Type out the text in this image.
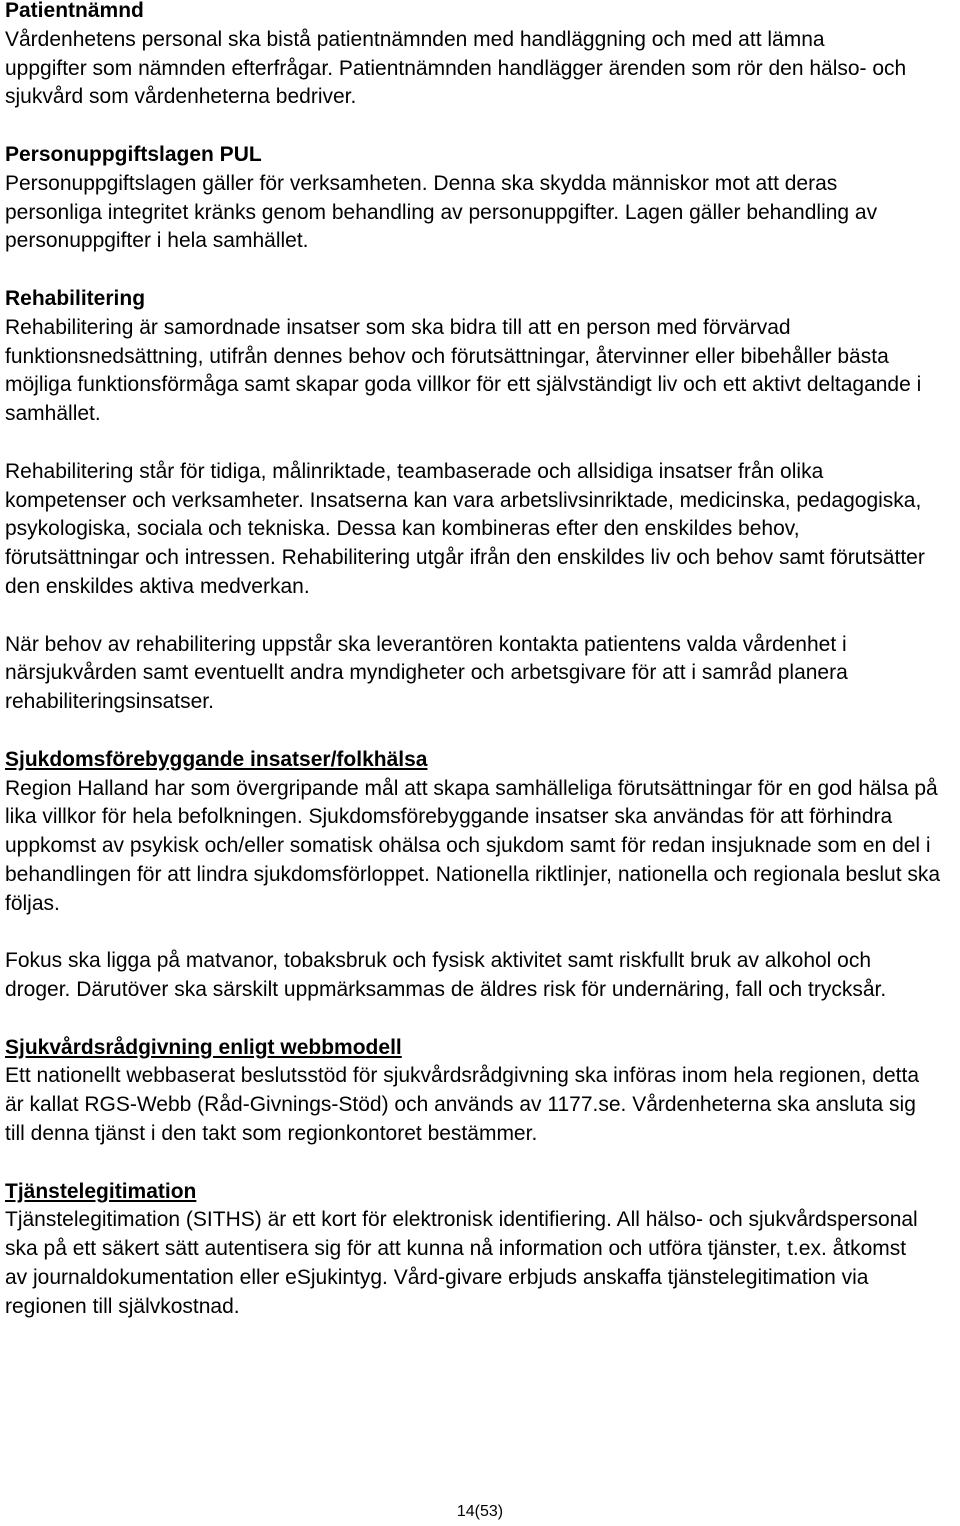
Patientnämnd

Vårdenhetens personal ska bistå patientnämnden med handläggning och med att lämna uppgifter som nämnden efterfrågar. Patientnämnden handlägger ärenden som rör den hälso- och sjukvård som vårdenheterna bedriver.

Personuppgiftslagen PUL

Personuppgiftslagen gäller för verksamheten. Denna ska skydda människor mot att deras personliga integritet kränks genom behandling av personuppgifter. Lagen gäller behandling av personuppgifter i hela samhället.

Rehabilitering

Rehabilitering är samordnade insatser som ska bidra till att en person med förvärvad funktionsnedsättning, utifrån dennes behov och förutsättningar, återvinner eller bibehåller bästa möjliga funktionsförmåga samt skapar goda villkor för ett självständigt liv och ett aktivt deltagande i samhället.

Rehabilitering står för tidiga, målinriktade, teambaserade och allsidiga insatser från olika kompetenser och verksamheter. Insatserna kan vara arbetslivsinriktade, medicinska, pedagogiska, psykologiska, sociala och tekniska. Dessa kan kombineras efter den enskildes behov, förutsättningar och intressen. Rehabilitering utgår ifrån den enskildes liv och behov samt förutsätter den enskildes aktiva medverkan.

När behov av rehabilitering uppstår ska leverantören kontakta patientens valda vårdenhet i närsjukvården samt eventuellt andra myndigheter och arbetsgivare för att i samråd planera rehabiliteringsinsatser.

Sjukdomsförebyggande insatser/folkhälsa

Region Halland har som övergripande mål att skapa samhälleliga förutsättningar för en god hälsa på lika villkor för hela befolkningen. Sjukdomsförebyggande insatser ska användas för att förhindra uppkomst av psykisk och/eller somatisk ohälsa och sjukdom samt för redan insjuknade som en del i behandlingen för att lindra sjukdomsförloppet. Nationella riktlinjer, nationella och regionala beslut ska följas.

Fokus ska ligga på matvanor, tobaksbruk och fysisk aktivitet samt riskfullt bruk av alkohol och droger. Därutöver ska särskilt uppmärksammas de äldres risk för undernäring, fall och trycksår.

Sjukvårdsrådgivning enligt webbmodell

Ett nationellt webbaserat beslutsstöd för sjukvårdsrådgivning ska införas inom hela regionen, detta är kallat RGS-Webb (Råd-Givnings-Stöd) och används av 1177.se. Vårdenheterna ska ansluta sig till denna tjänst i den takt som regionkontoret bestämmer.

Tjänstelegitimation

Tjänstelegitimation (SITHS) är ett kort för elektronisk identifiering. All hälso- och sjukvårdspersonal ska på ett säkert sätt autentisera sig för att kunna nå information och utföra tjänster, t.ex. åtkomst av journaldokumentation eller eSjukintyg. Vård-givare erbjuds anskaffa tjänstelegitimation via regionen till självkostnad.

14(53)
